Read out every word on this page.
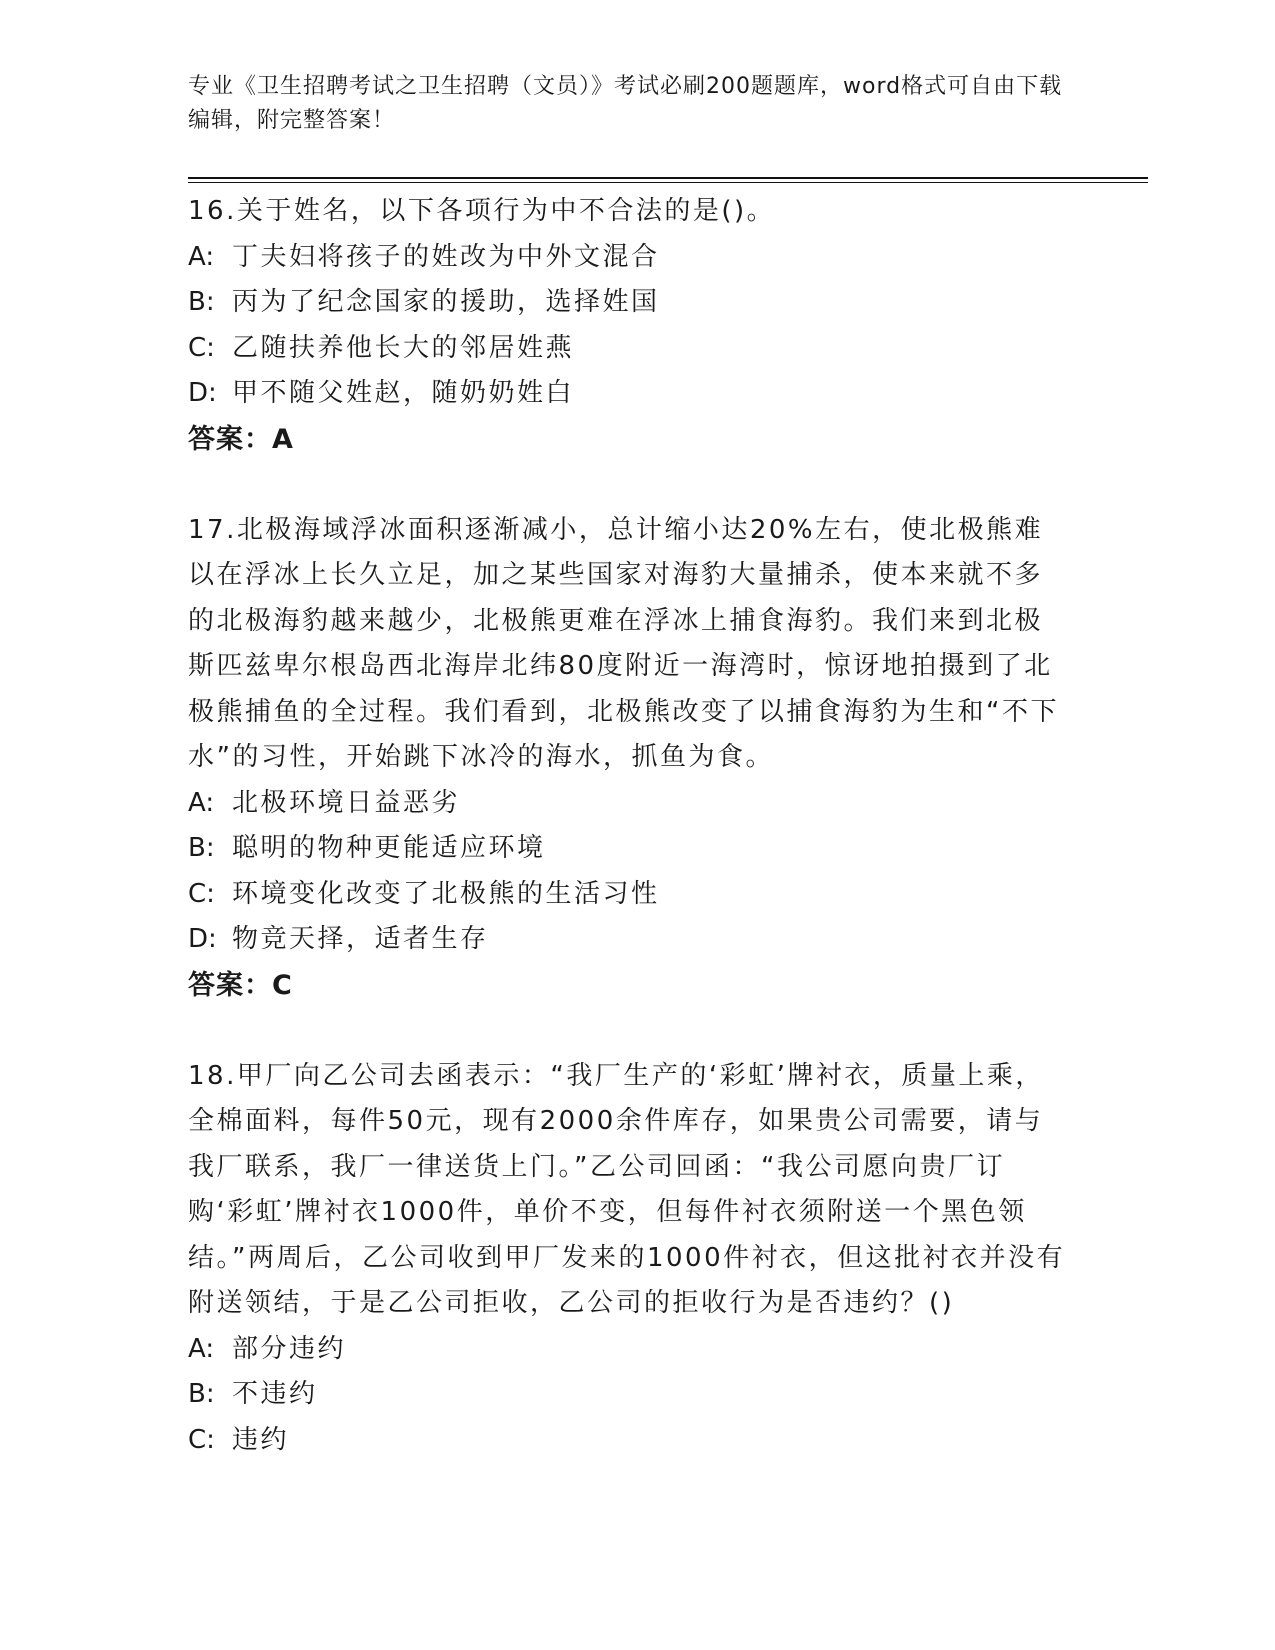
专业《卫生招聘考试之卫生招聘（文员）》考试必刷200题题库，word格式可自由下载编辑，附完整答案！

16.关于姓名，以下各项行为中不合法的是()。

A: 丁夫妇将孩子的姓改为中外文混合

B: 丙为了纪念国家的援助，选择姓国

C: 乙随扶养他长大的邻居姓燕

D: 甲不随父姓赵，随奶奶姓白

答案：A

17.北极海域浮冰面积逐渐减小，总计缩小达20%左右，使北极熊难以在浮冰上长久立足，加之某些国家对海豹大量捕杀，使本来就不多的北极海豹越来越少，北极熊更难在浮冰上捕食海豹。我们来到北极斯匹兹卑尔根岛西北海岸北纬80度附近一海湾时，惊讶地拍摄到了北极熊捕鱼的全过程。我们看到，北极熊改变了以捕食海豹为生和“不下水”的习性，开始跳下冰冷的海水，抓鱼为食。

A: 北极环境日益恶劣

B: 聪明的物种更能适应环境

C: 环境变化改变了北极熊的生活习性

D: 物竞天择，适者生存

答案：C

18.甲厂向乙公司去函表示：“我厂生产的‘彩虹’牌衬衣，质量上乘，全棉面料，每件50元，现有2000余件库存，如果贵公司需要，请与我厂联系，我厂一律送货上门。”乙公司回函：“我公司愿向贵厂订购‘彩虹’牌衬衣1000件，单价不变，但每件衬衣须附送一个黑色领结。”两周后，乙公司收到甲厂发来的1000件衬衣，但这批衬衣并没有附送领结，于是乙公司拒收，乙公司的拒收行为是否违约？()

A: 部分违约

B: 不违约

C: 违约
